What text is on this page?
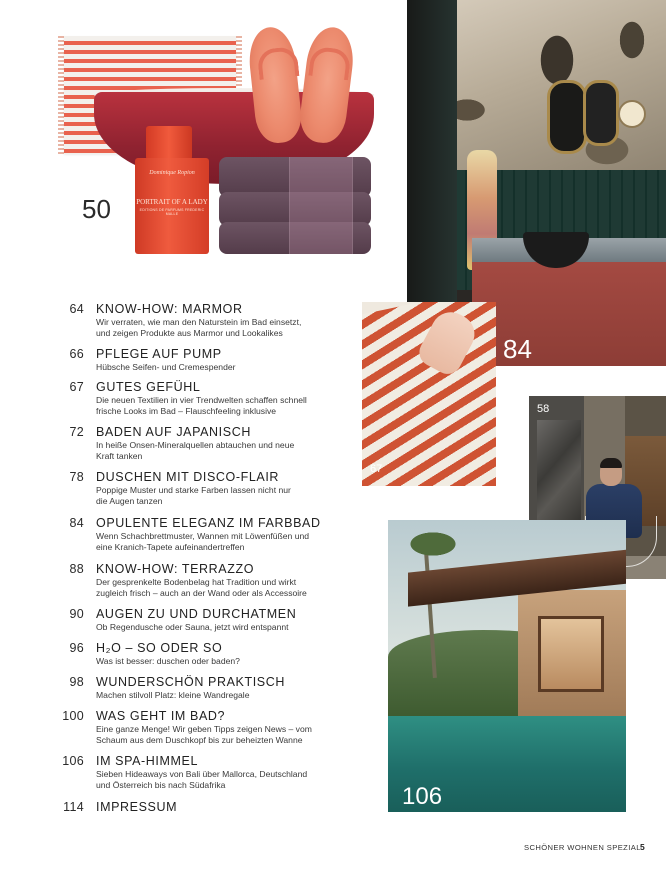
Dominique Ropion
PORTRAIT OF A LADY
EDITIONS DE PARFUMS FREDERIC MALLE
50
84
67
58
106
64 KNOW-HOW: MARMOR
Wir verraten, wie man den Naturstein im Bad einsetzt,
und zeigen Produkte aus Marmor und Lookalikes
66 PFLEGE AUF PUMP
Hübsche Seifen- und Cremespender
67 GUTES GEFÜHL
Die neuen Textilien in vier Trendwelten schaffen schnell
frische Looks im Bad – Flauschfeeling inklusive
72 BADEN AUF JAPANISCH
In heiße Onsen-Mineralquellen abtauchen und neue
Kraft tanken
78 DUSCHEN MIT DISCO-FLAIR
Poppige Muster und starke Farben lassen nicht nur
die Augen tanzen
84 OPULENTE ELEGANZ IM FARBBAD
Wenn Schachbrettmuster, Wannen mit Löwenfüßen und
eine Kranich-Tapete aufeinandertreffen
88 KNOW-HOW: TERRAZZO
Der gesprenkelte Bodenbelag hat Tradition und wirkt
zugleich frisch – auch an der Wand oder als Accessoire
90 AUGEN ZU UND DURCHATMEN
Ob Regendusche oder Sauna, jetzt wird entspannt
96 H₂O – SO ODER SO
Was ist besser: duschen oder baden?
98 WUNDERSCHÖN PRAKTISCH
Machen stilvoll Platz: kleine Wandregale
100 WAS GEHT IM BAD?
Eine ganze Menge! Wir geben Tipps zeigen News – vom
Schaum aus dem Duschkopf bis zur beheizten Wanne
106 IM SPA-HIMMEL
Sieben Hideaways von Bali über Mallorca, Deutschland
und Österreich bis nach Südafrika
114 IMPRESSUM
SCHÖNER WOHNEN SPEZIAL 5
